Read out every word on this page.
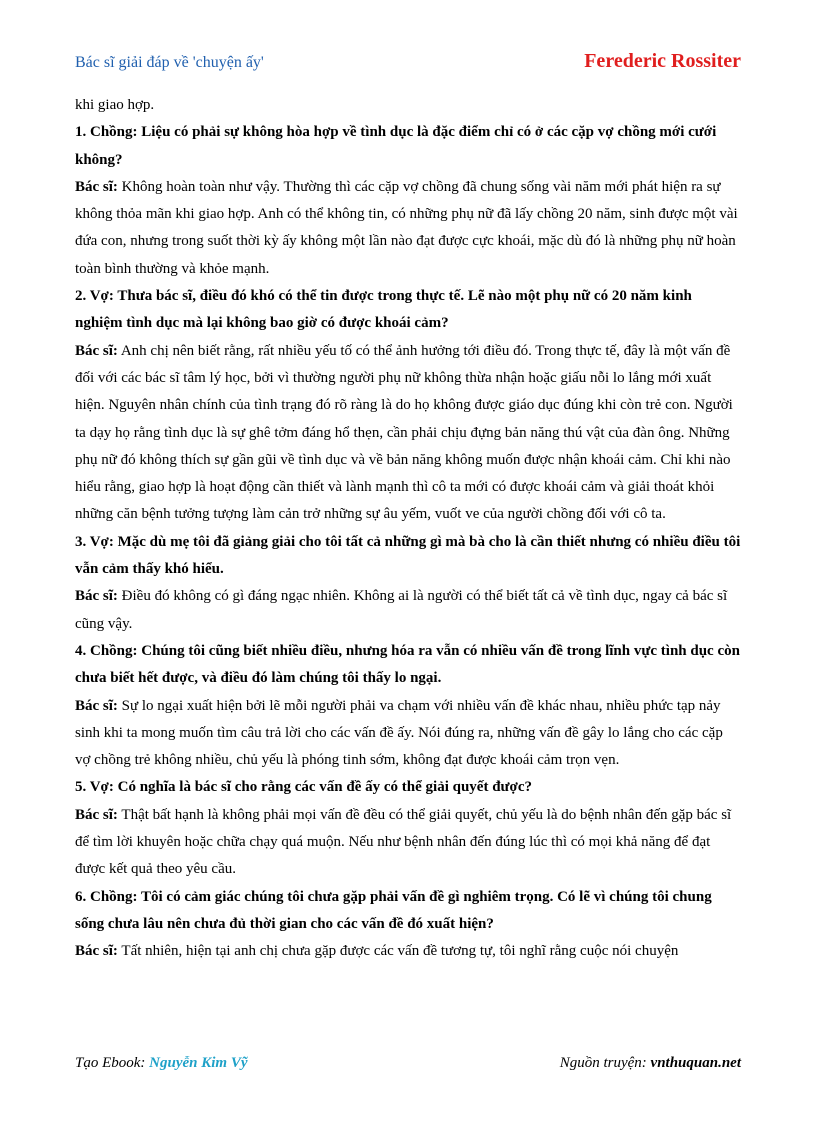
Bác sĩ giải đáp về 'chuyện ấy'	Ferederic Rossiter

khi giao hợp.

1. Chồng: Liệu có phải sự không hòa hợp về tình dục là đặc điểm chỉ có ở các cặp vợ chồng mới cưới không?

Bác sĩ: Không hoàn toàn như vậy. Thường thì các cặp vợ chồng đã chung sống vài năm mới phát hiện ra sự không thỏa mãn khi giao hợp. Anh có thể không tin, có những phụ nữ đã lấy chồng 20 năm, sinh được một vài đứa con, nhưng trong suốt thời kỳ ấy không một lần nào đạt được cực khoái, mặc dù đó là những phụ nữ hoàn toàn bình thường và khỏe mạnh.

2. Vợ: Thưa bác sĩ, điều đó khó có thể tin được trong thực tế. Lẽ nào một phụ nữ có 20 năm kinh nghiệm tình dục mà lại không bao giờ có được khoái cảm?

Bác sĩ: Anh chị nên biết rằng, rất nhiều yếu tố có thể ảnh hưởng tới điều đó. Trong thực tế, đây là một vấn đề đối với các bác sĩ tâm lý học, bởi vì thường người phụ nữ không thừa nhận hoặc giấu nỗi lo lắng mới xuất hiện. Nguyên nhân chính của tình trạng đó rõ ràng là do họ không được giáo dục đúng khi còn trẻ con. Người ta dạy họ rằng tình dục là sự ghê tởm đáng hổ thẹn, cần phải chịu đựng bản năng thú vật của đàn ông. Những phụ nữ đó không thích sự gần gũi về tình dục và về bản năng không muốn được nhận khoái cảm. Chỉ khi nào hiểu rằng, giao hợp là hoạt động cần thiết và lành mạnh thì cô ta mới có được khoái cảm và giải thoát khỏi những căn bệnh tưởng tượng làm cản trở những sự âu yếm, vuốt ve của người chồng đối với cô ta.

3. Vợ: Mặc dù mẹ tôi đã giảng giải cho tôi tất cả những gì mà bà cho là cần thiết nhưng có nhiều điều tôi vẫn cảm thấy khó hiểu.

Bác sĩ: Điều đó không có gì đáng ngạc nhiên. Không ai là người có thể biết tất cả về tình dục, ngay cả bác sĩ cũng vậy.

4. Chồng: Chúng tôi cũng biết nhiều điều, nhưng hóa ra vẫn có nhiều vấn đề trong lĩnh vực tình dục còn chưa biết hết được, và điều đó làm chúng tôi thấy lo ngại.

Bác sĩ: Sự lo ngại xuất hiện bởi lẽ mỗi người phải va chạm với nhiều vấn đề khác nhau, nhiều phức tạp nảy sinh khi ta mong muốn tìm câu trả lời cho các vấn đề ấy. Nói đúng ra, những vấn đề gây lo lắng cho các cặp vợ chồng trẻ không nhiều, chủ yếu là phóng tinh sớm, không đạt được khoái cảm trọn vẹn.

5. Vợ: Có nghĩa là bác sĩ cho rằng các vấn đề ấy có thể giải quyết được?

Bác sĩ: Thật bất hạnh là không phải mọi vấn đề đều có thể giải quyết, chủ yếu là do bệnh nhân đến gặp bác sĩ để tìm lời khuyên hoặc chữa chạy quá muộn. Nếu như bệnh nhân đến đúng lúc thì có mọi khả năng để đạt được kết quả theo yêu cầu.

6. Chồng: Tôi có cảm giác chúng tôi chưa gặp phải vấn đề gì nghiêm trọng. Có lẽ vì chúng tôi chung sống chưa lâu nên chưa đủ thời gian cho các vấn đề đó xuất hiện?

Bác sĩ: Tất nhiên, hiện tại anh chị chưa gặp được các vấn đề tương tự, tôi nghĩ rằng cuộc nói chuyện

Tạo Ebook: Nguyễn Kim Vỹ	Nguồn truyện: vnthuquan.net
